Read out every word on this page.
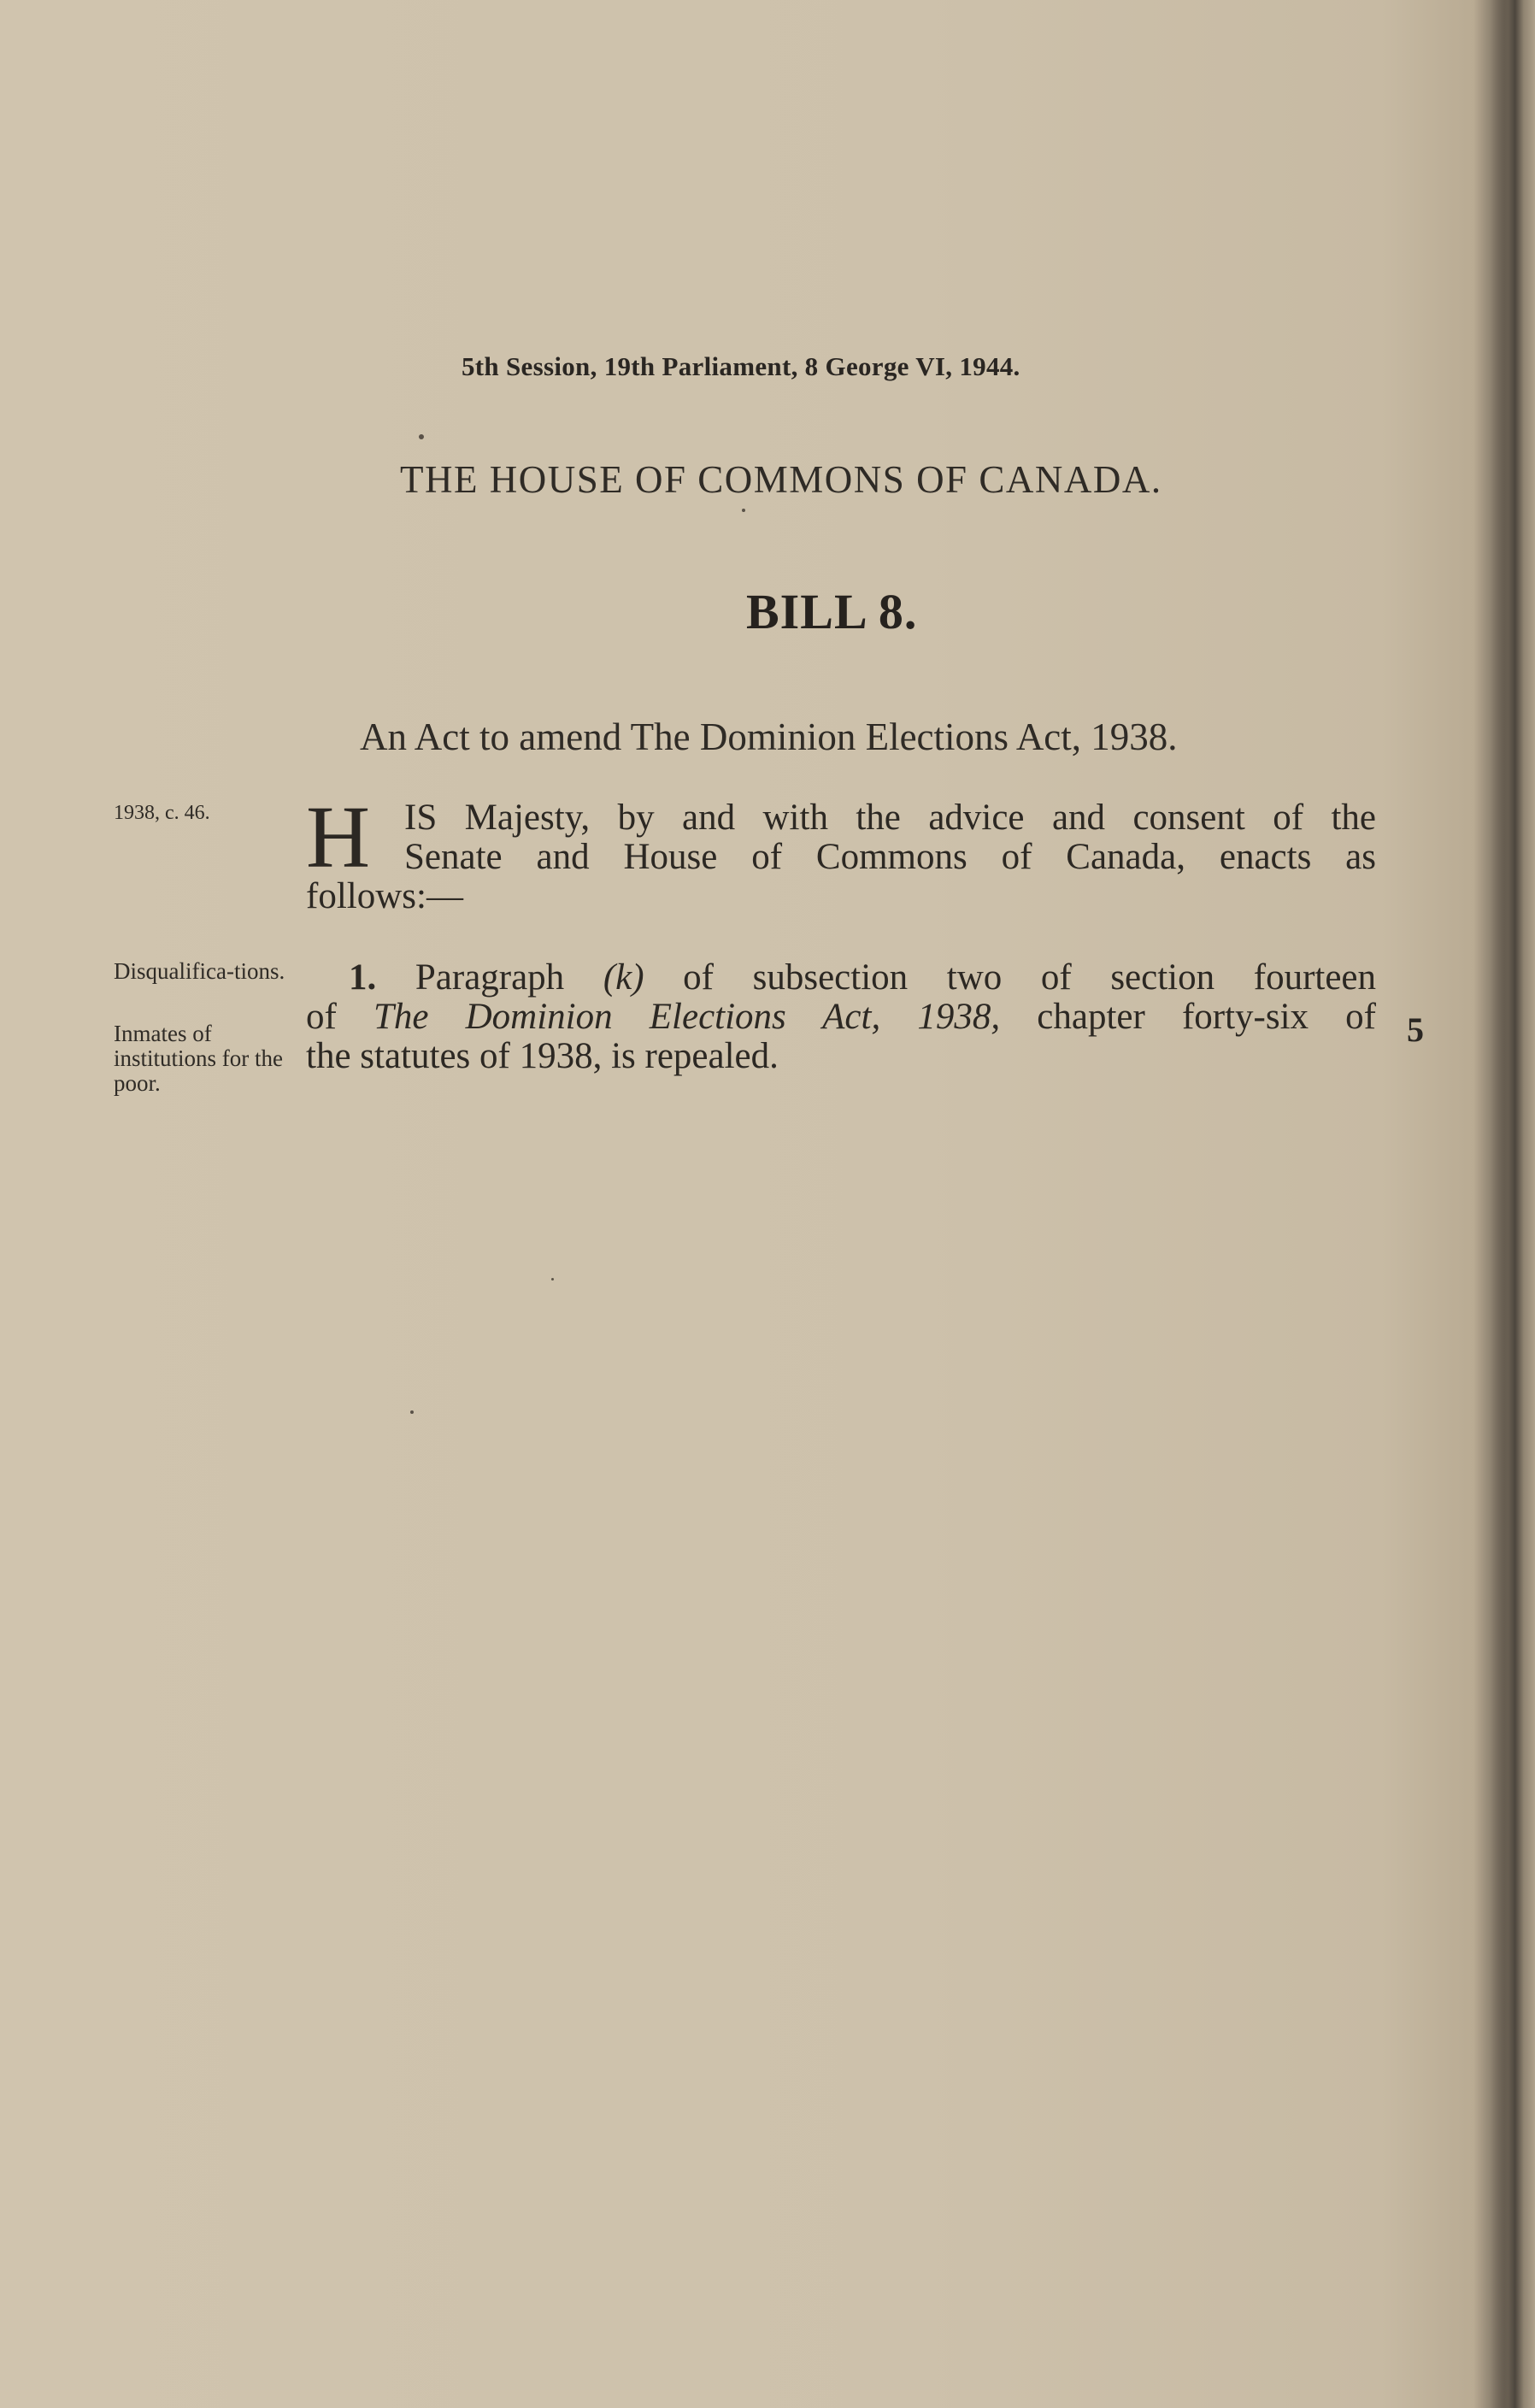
5th Session, 19th Parliament, 8 George VI, 1944.
THE HOUSE OF COMMONS OF CANADA.
BILL 8.
An Act to amend The Dominion Elections Act, 1938.
1938, c. 46.
Disqualifica-tions.
Inmates of institutions for the poor.
H IS Majesty, by and with the advice and consent of the
Senate and House of Commons of Canada, enacts as
follows:—
1. Paragraph (k) of subsection two of section fourteen
of The Dominion Elections Act, 1938, chapter forty-six of
the statutes of 1938, is repealed.
5
